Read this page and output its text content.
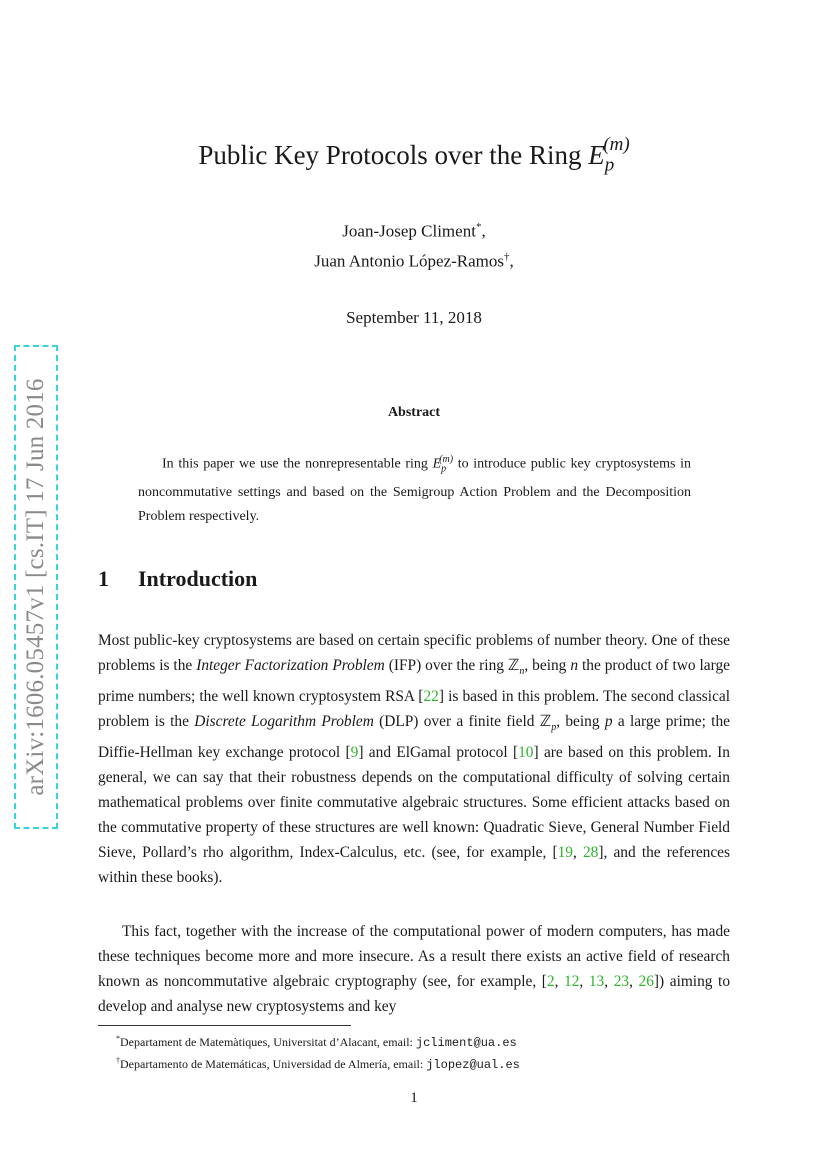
arXiv:1606.05457v1 [cs.IT] 17 Jun 2016
Public Key Protocols over the Ring $E_p^{(m)}$
Joan-Josep Climent*,
Juan Antonio López-Ramos†,
September 11, 2018
Abstract
In this paper we use the nonrepresentable ring $E_p^{(m)}$ to introduce public key cryptosystems in noncommutative settings and based on the Semigroup Action Problem and the Decomposition Problem respectively.
1 Introduction

Most public-key cryptosystems are based on certain specific problems of number theory. One of these problems is the Integer Factorization Problem (IFP) over the ring ℤ$_n$, being n the product of two large prime numbers; the well known cryptosystem RSA [22] is based in this problem. The second classical problem is the Discrete Logarithm Problem (DLP) over a finite field ℤ$_p$, being p a large prime; the Diffie-Hellman key exchange protocol [9] and ElGamal protocol [10] are based on this problem. In general, we can say that their robustness depends on the computational difficulty of solving certain mathematical problems over finite commutative algebraic structures. Some efficient attacks based on the commutative property of these structures are well known: Quadratic Sieve, General Number Field Sieve, Pollard’s rho algorithm, Index-Calculus, etc. (see, for example, [19, 28], and the references within these books).

This fact, together with the increase of the computational power of modern computers, has made these techniques become more and more insecure. As a result there exists an active field of research known as noncommutative algebraic cryptography (see, for example, [2, 12, 13, 23, 26]) aiming to develop and analyse new cryptosystems and key

*Departament de Matemàtiques, Universitat d’Alacant, email: jcliment@ua.es
†Departamento de Matemáticas, Universidad de Almería, email: jlopez@ual.es
1
